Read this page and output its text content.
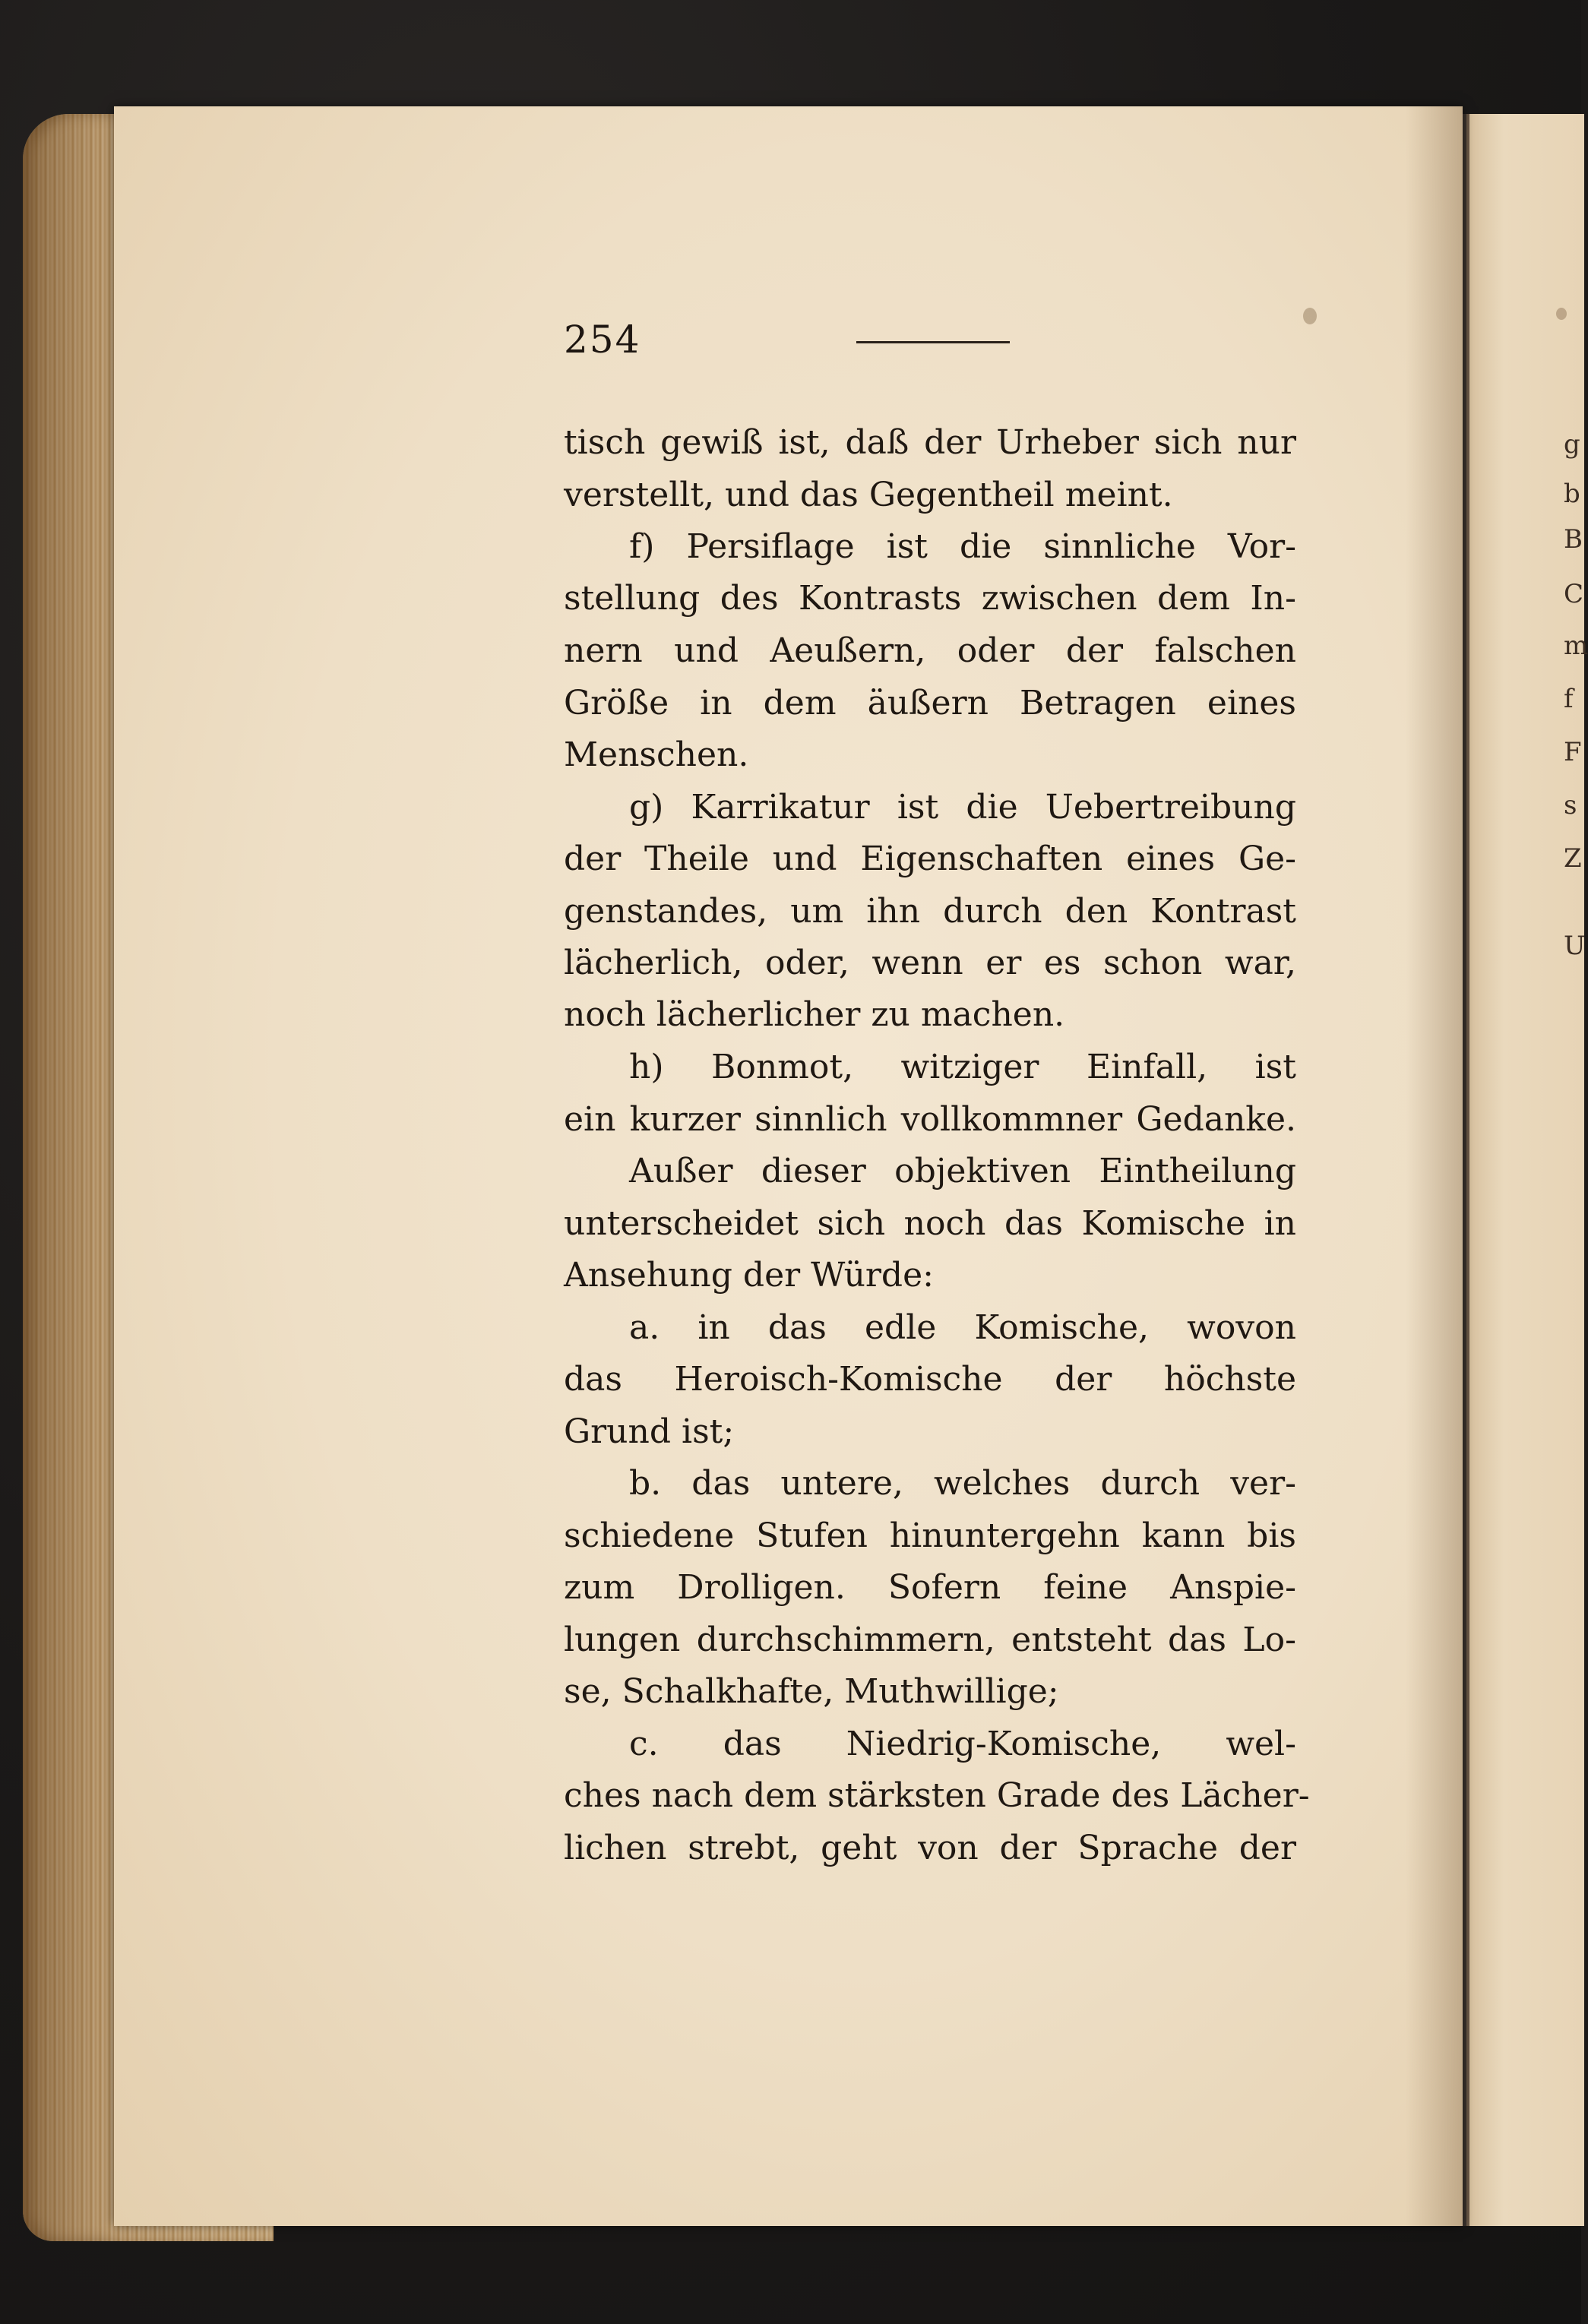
g
b
B
C
m
f
F
s
Z
U
254
tisch gewiß ist, daß der Urheber sich nur
verstellt, und das Gegentheil meint.
f) Persiflage ist die sinnliche Vor-
stellung des Kontrasts zwischen dem In-
nern und Aeußern, oder der falschen
Größe in dem äußern Betragen eines
Menschen.
g) Karrikatur ist die Uebertreibung
der Theile und Eigenschaften eines Ge-
genstandes, um ihn durch den Kontrast
lächerlich, oder, wenn er es schon war,
noch lächerlicher zu machen.
h) Bonmot, witziger Einfall, ist
ein kurzer sinnlich vollkommner Gedanke.
Außer dieser objektiven Eintheilung
unterscheidet sich noch das Komische in
Ansehung der Würde:
a. in das edle Komische, wovon
das Heroisch-Komische der höchste
Grund ist;
b. das untere, welches durch ver-
schiedene Stufen hinuntergehn kann bis
zum Drolligen. Sofern feine Anspie-
lungen durchschimmern, entsteht das Lo-
se, Schalkhafte, Muthwillige;
c. das Niedrig-Komische, wel-
ches nach dem stärksten Grade des Lächer-
lichen strebt, geht von der Sprache der
